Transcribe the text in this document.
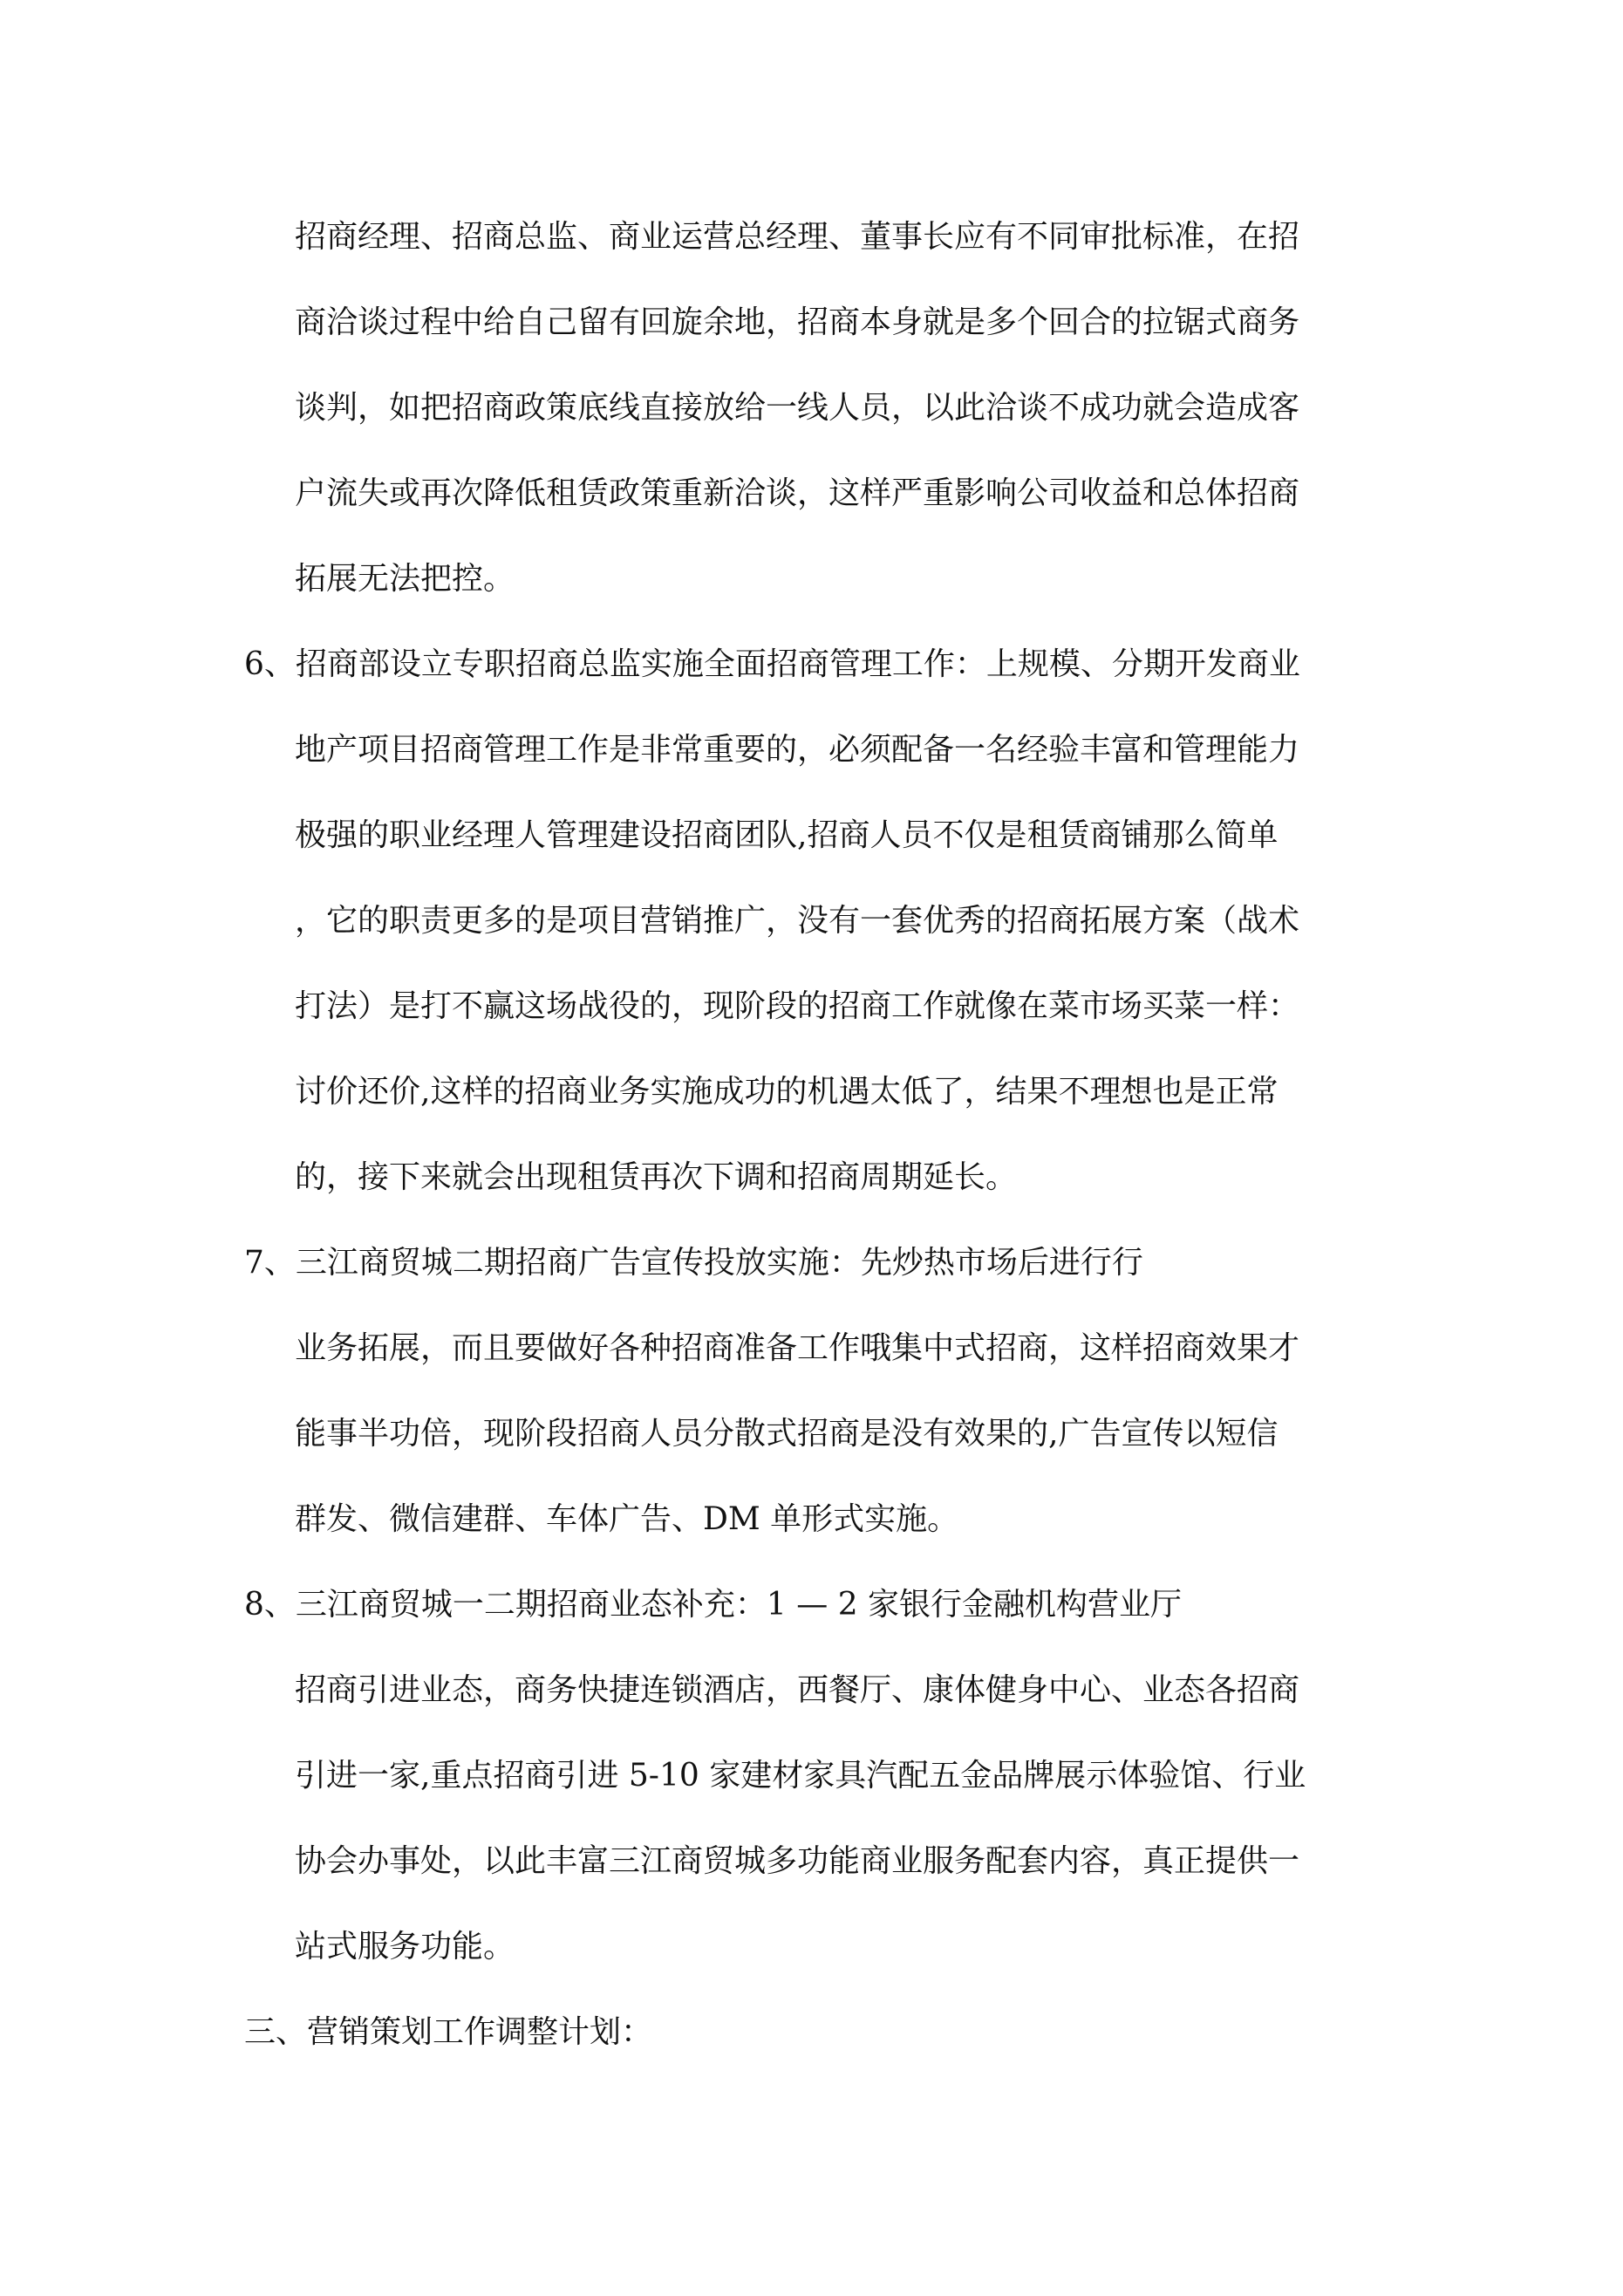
招商经理、招商总监、商业运营总经理、董事长应有不同审批标准，在招
商洽谈过程中给自己留有回旋余地，招商本身就是多个回合的拉锯式商务
谈判，如把招商政策底线直接放给一线人员，以此洽谈不成功就会造成客
户流失或再次降低租赁政策重新洽谈，这样严重影响公司收益和总体招商
拓展无法把控。
6、招商部设立专职招商总监实施全面招商管理工作：上规模、分期开发商业
地产项目招商管理工作是非常重要的，必须配备一名经验丰富和管理能力
极强的职业经理人管理建设招商团队,招商人员不仅是租赁商铺那么简单
，它的职责更多的是项目营销推广，没有一套优秀的招商拓展方案（战术
打法）是打不赢这场战役的，现阶段的招商工作就像在菜市场买菜一样：
讨价还价,这样的招商业务实施成功的机遇太低了，结果不理想也是正常
的，接下来就会出现租赁再次下调和招商周期延长。
7、三江商贸城二期招商广告宣传投放实施：先炒热市场后进行行
业务拓展，而且要做好各种招商准备工作哦集中式招商，这样招商效果才
能事半功倍，现阶段招商人员分散式招商是没有效果的,广告宣传以短信
群发、微信建群、车体广告、DM 单形式实施。
8、三江商贸城一二期招商业态补充：1 — 2 家银行金融机构营业厅
招商引进业态，商务快捷连锁酒店，西餐厅、康体健身中心、业态各招商
引进一家,重点招商引进 5-10 家建材家具汽配五金品牌展示体验馆、行业
协会办事处，以此丰富三江商贸城多功能商业服务配套内容，真正提供一
站式服务功能。
三、营销策划工作调整计划：
